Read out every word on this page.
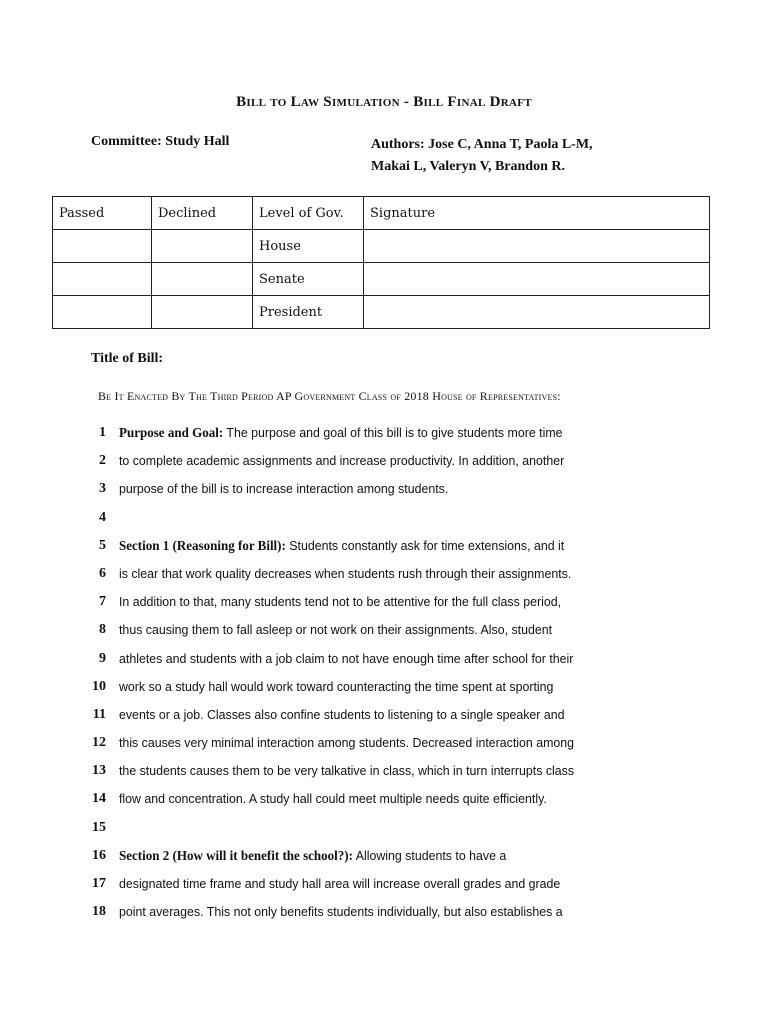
Bill to Law Simulation - Bill Final Draft
Committee: Study Hall	Authors: Jose C, Anna T, Paola L-M,
Makai L, Valeryn V, Brandon R.
Passed	Declined	Level of Gov.	Signature
		House	
		Senate	
		President	
Title of Bill:
Be It Enacted By The Third Period AP Government Class of 2018 House of Representatives:
1 Purpose and Goal: The purpose and goal of this bill is to give students more time
2 to complete academic assignments and increase productivity. In addition, another
3 purpose of the bill is to increase interaction among students.
4
5 Section 1 (Reasoning for Bill): Students constantly ask for time extensions, and it
6 is clear that work quality decreases when students rush through their assignments.
7 In addition to that, many students tend not to be attentive for the full class period,
8 thus causing them to fall asleep or not work on their assignments. Also, student
9 athletes and students with a job claim to not have enough time after school for their
10 work so a study hall would work toward counteracting the time spent at sporting
11 events or a job. Classes also confine students to listening to a single speaker and
12 this causes very minimal interaction among students. Decreased interaction among
13 the students causes them to be very talkative in class, which in turn interrupts class
14 flow and concentration. A study hall could meet multiple needs quite efficiently.
15
16 Section 2 (How will it benefit the school?): Allowing students to have a
17 designated time frame and study hall area will increase overall grades and grade
18 point averages. This not only benefits students individually, but also establishes a
